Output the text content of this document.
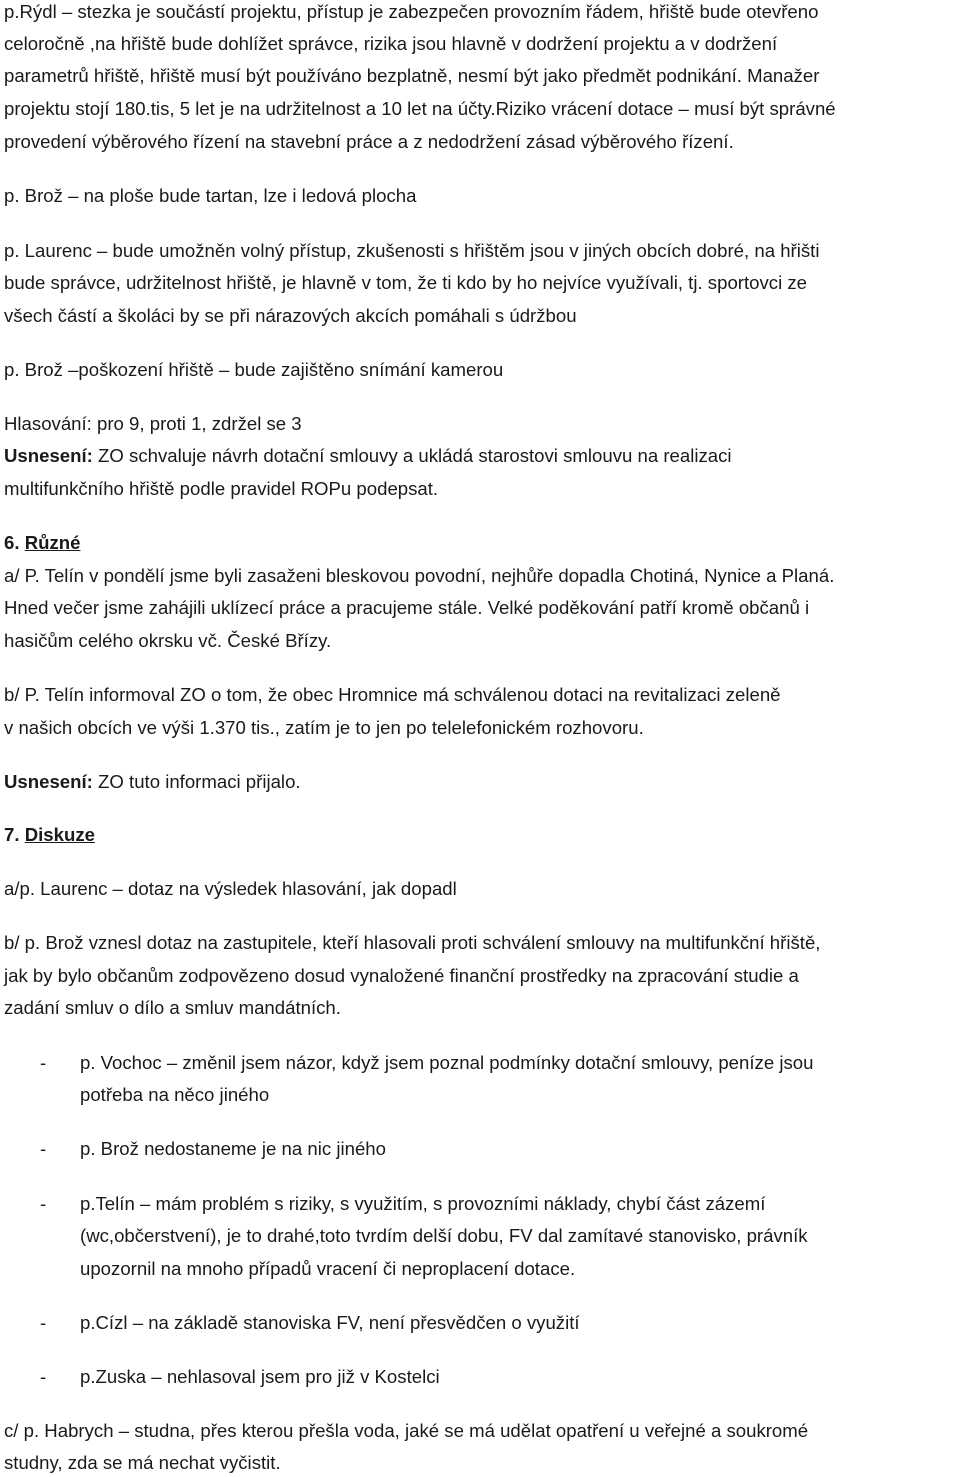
p.Rýdl – stezka je součástí projektu, přístup je zabezpečen provozním řádem, hřiště bude otevřeno
celoročně ,na hřiště bude dohlížet správce, rizika jsou hlavně v dodržení projektu a v dodržení
parametrů hřiště, hřiště musí být používáno bezplatně, nesmí být jako předmět podnikání. Manažer
projektu stojí 180.tis, 5 let je na udržitelnost a 10 let na účty.Riziko vrácení dotace – musí být správné
provedení výběrového řízení na stavební práce a z nedodržení zásad výběrového řízení.
p. Brož – na ploše bude tartan, lze i ledová plocha
p. Laurenc – bude umožněn volný přístup, zkušenosti s hřištěm jsou v jiných obcích dobré, na hřišti
bude správce, udržitelnost hřiště, je hlavně v tom, že ti kdo by ho nejvíce využívali, tj. sportovci ze
všech částí a školáci by se při nárazových akcích pomáhali s údržbou
p. Brož –poškození hřiště – bude zajištěno snímání kamerou
Hlasování: pro 9, proti 1, zdržel se 3
Usnesení: ZO schvaluje návrh dotační smlouvy a ukládá starostovi smlouvu na realizaci
multifunkčního hřiště podle pravidel ROPu podepsat.
6. Různé
a/ P. Telín v pondělí jsme byli zasaženi bleskovou povodní, nejhůře dopadla Chotiná, Nynice a Planá.
Hned večer jsme zahájili uklízecí práce a pracujeme stále. Velké poděkování patří kromě občanů i
hasičům celého okrsku vč. České Břízy.
b/ P. Telín informoval ZO o tom, že obec Hromnice má schválenou dotaci na revitalizaci zeleně
v našich obcích ve výši 1.370 tis., zatím je to jen po telelefonickém rozhovoru.
Usnesení: ZO tuto informaci přijalo.
7. Diskuze
a/p. Laurenc – dotaz na výsledek hlasování, jak dopadl
b/ p. Brož vznesl dotaz na zastupitele, kteří hlasovali proti schválení smlouvy na multifunkční hřiště,
jak by bylo občanům zodpovězeno dosud vynaložené finanční prostředky na zpracování studie a
zadání smluv o dílo a smluv mandátních.
- p. Vochoc – změnil jsem názor, když jsem poznal podmínky dotační smlouvy, peníze jsou
potřeba na něco jiného
- p. Brož nedostaneme je na nic jiného
- p.Telín – mám problém s riziky, s využitím, s provozními náklady, chybí část zázemí
(wc,občerstvení), je to drahé,toto tvrdím delší dobu, FV dal zamítavé stanovisko, právník
upozornil na mnoho případů vracení či neproplacení dotace.
- p.Cízl – na základě stanoviska FV, není přesvědčen o využití
- p.Zuska – nehlasoval jsem pro již v Kostelci
c/ p. Habrych – studna, přes kterou přešla voda, jaké se má udělat opatření u veřejné a soukromé
studny, zda se má nechat vyčistit.
